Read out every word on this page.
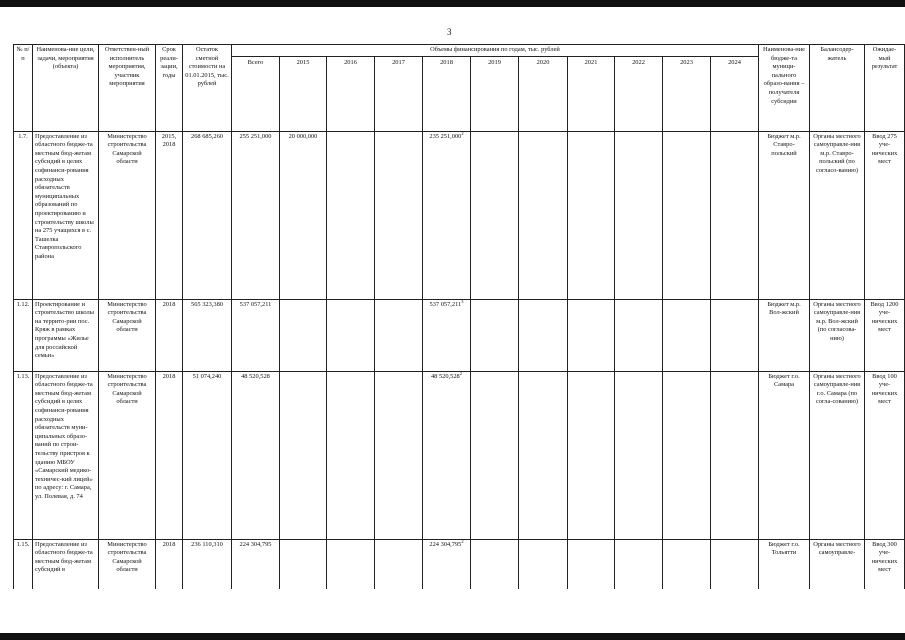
3
№ п/п	Наименова-ние цели, задачи, мероприятия (объекта)	Ответствен-ный исполнитель мероприятия, участник мероприятия	Срок реали-зации, годы	Остаток сметной стоимости на 01.01.2015, тыс. рублей	Объемы финансирования по годам, тыс. рублей											Наименова-ние бюдже-та муници-пального образо-вания – получателя субсидии	Балансодер-жатель	Ожидае-мый результат
					Всего	2015	2016	2017	2018	2019	2020	2021	2022	2023	2024			
1.7.	Предоставление из областного бюдже-та местным бюд-жетам субсидий в целях софинанси-рования расходных обязательств муниципальных образований по проектированию и строительству школы на 275 учащихся в с. Ташелка Ставропольского района	Министерство строительства Самарской области	2015, 2018	268 685,260	255 251,000	20 000,000			235 251,000$^2$							Бюджет м.р. Ставро-польский	Органы местного самоуправле-ния м.р. Ставро-польский (по согласо-ванию)	Ввод 275 уче-нических мест
1.12.	Проектирование и строительство школы на террито-рии пос. Кряж в рамках программы «Жилье для российской семьи»	Министерство строительства Самарской области	2018	565 323,380	537 057,211				537 057,211$^3$							Бюджет м.р. Вол-жский	Органы местного самоуправле-ния м.р. Вол-жский (по согласова-нию)	Ввод 1200 уче-нических мест
1.13.	Предоставление из областного бюдже-та местным бюд-жетам субсидий в целях софинанси-рования расходных обязательств муни-ципальных образо-ваний по строи-тельству пристроя к зданию МБОУ «Самарский медико-техничес-кий лицей» по адресу: г. Самара, ул. Полевая, д. 74	Министерство строительства Самарской области	2018	51 074,240	48 520,528				48 520,528$^2$							Бюджет г.о. Самара	Органы местного самоуправле-ния г.о. Самара (по согла-сованию)	Ввод 100 уче-нических мест
1.15.	Предоставление из областного бюдже-та местным бюд-жетам субсидий в	Министерство строительства Самарской области	2018	236 110,310	224 304,795				224 304,795$^2$							Бюджет г.о. Тольятти	Органы местного самоуправле-	Ввод 300 уче-нических мест
